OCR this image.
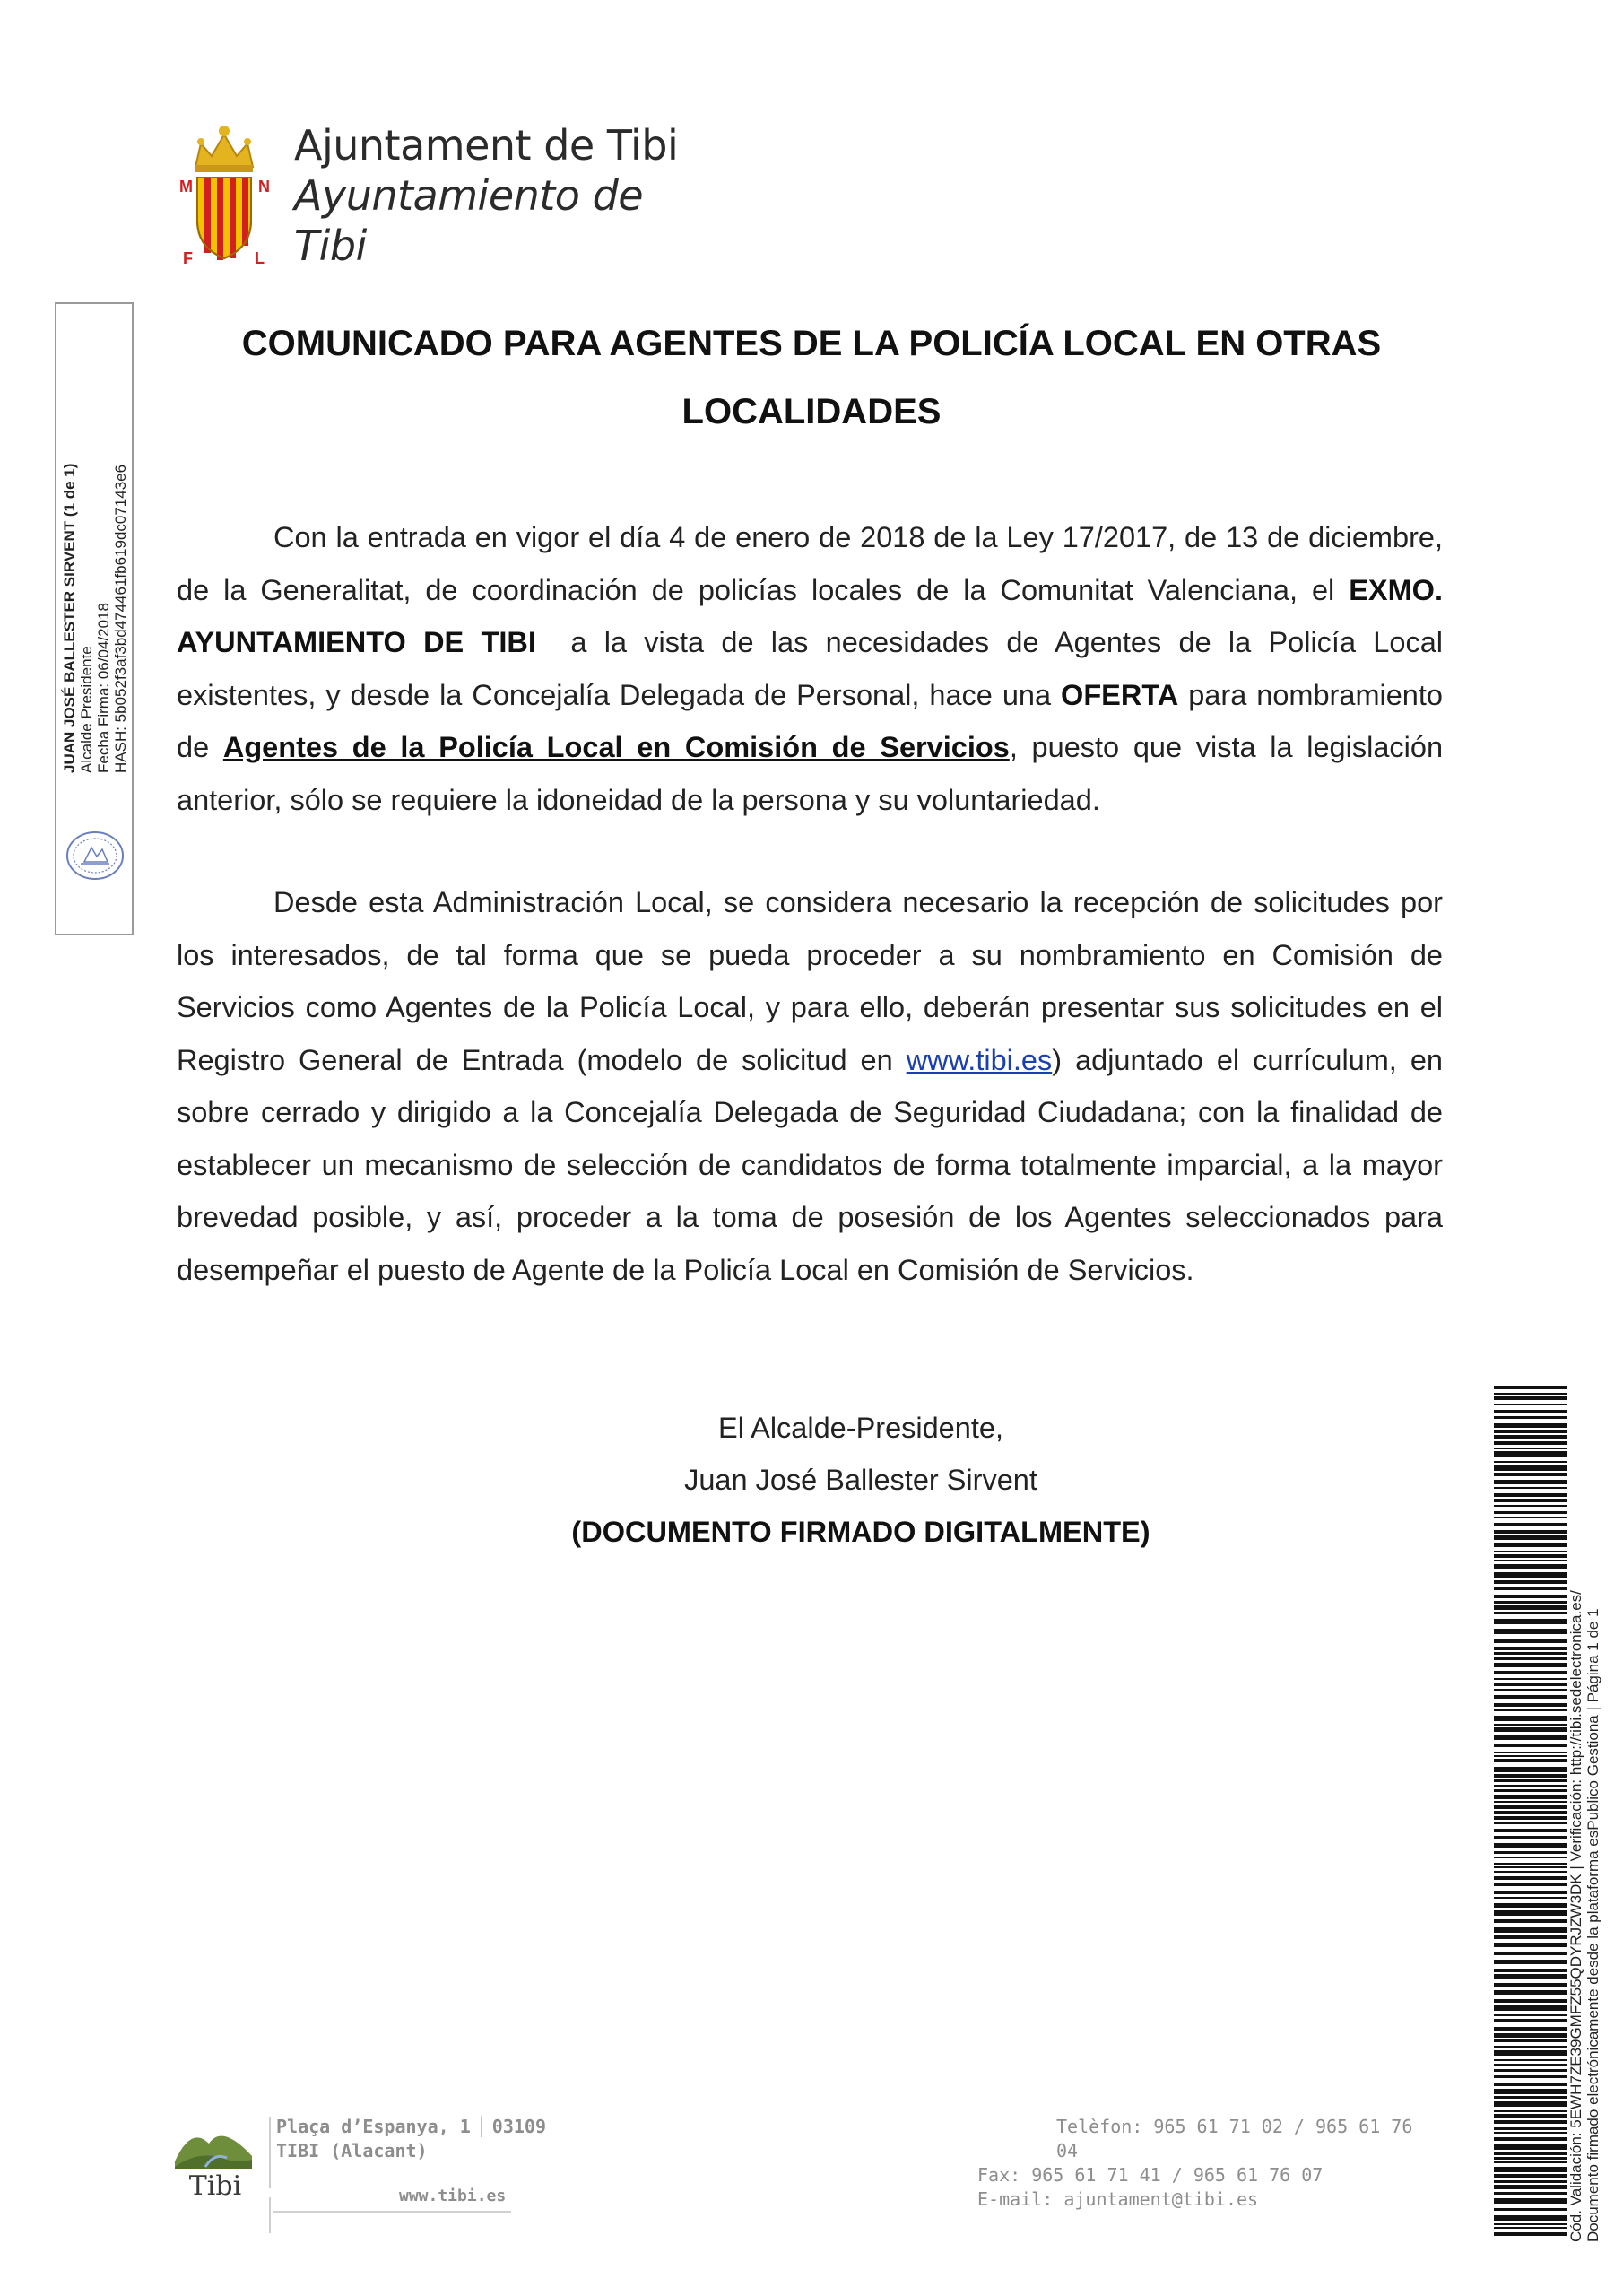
M	N
F	L
Ajuntament de Tibi
Ayuntamiento de Tibi
JUAN JOSÉ BALLESTER SIRVENT (1 de 1) Alcalde Presidente Fecha Firma: 06/04/2018 HASH: 5b052f3af3bd474461fb619dc07143e6
COMUNICADO PARA AGENTES DE LA POLICÍA LOCAL EN OTRAS
LOCALIDADES
Con la entrada en vigor el día 4 de enero de 2018 de la Ley 17/2017, de 13 de diciembre, de la Generalitat, de coordinación de policías locales de la Comunitat Valenciana, el EXMO. AYUNTAMIENTO DE TIBI  a la vista de las necesidades de Agentes de la Policía Local existentes, y desde la Concejalía Delegada de Personal, hace una OFERTA para nombramiento de Agentes de la Policía Local en Comisión de Servicios, puesto que vista la legislación anterior, sólo se requiere la idoneidad de la persona y su voluntariedad.
Desde esta Administración Local, se considera necesario la recepción de solicitudes por los interesados, de tal forma que se pueda proceder a su nombramiento en Comisión de Servicios como Agentes de la Policía Local, y para ello, deberán presentar sus solicitudes en el Registro General de Entrada (modelo de solicitud en www.tibi.es) adjuntado el currículum, en sobre cerrado y dirigido a la Concejalía Delegada de Seguridad Ciudadana; con la finalidad de establecer un mecanismo de selección de candidatos de forma totalmente imparcial, a la mayor brevedad posible, y así, proceder a la toma de posesión de los Agentes seleccionados para desempeñar el puesto de Agente de la Policía Local en Comisión de Servicios.
El Alcalde-Presidente,
Juan José Ballester Sirvent
(DOCUMENTO FIRMADO DIGITALMENTE)
Tibi
Plaça d’Espanya, 1 │ 03109
TIBI (Alacant)
www.tibi.es
Telèfon: 965 61 71 02 / 965 61 76 04
Fax: 965 61 71 41 / 965 61 76 07
E-mail: ajuntament@tibi.es	Cód. Validación: 5EWH7ZE39GMFZ55QDYRJZW3DK | Verificación: http://tibi.sedelectronica.es/ Documento firmado electrónicamente desde la plataforma esPublico Gestiona | Página 1 de 1
